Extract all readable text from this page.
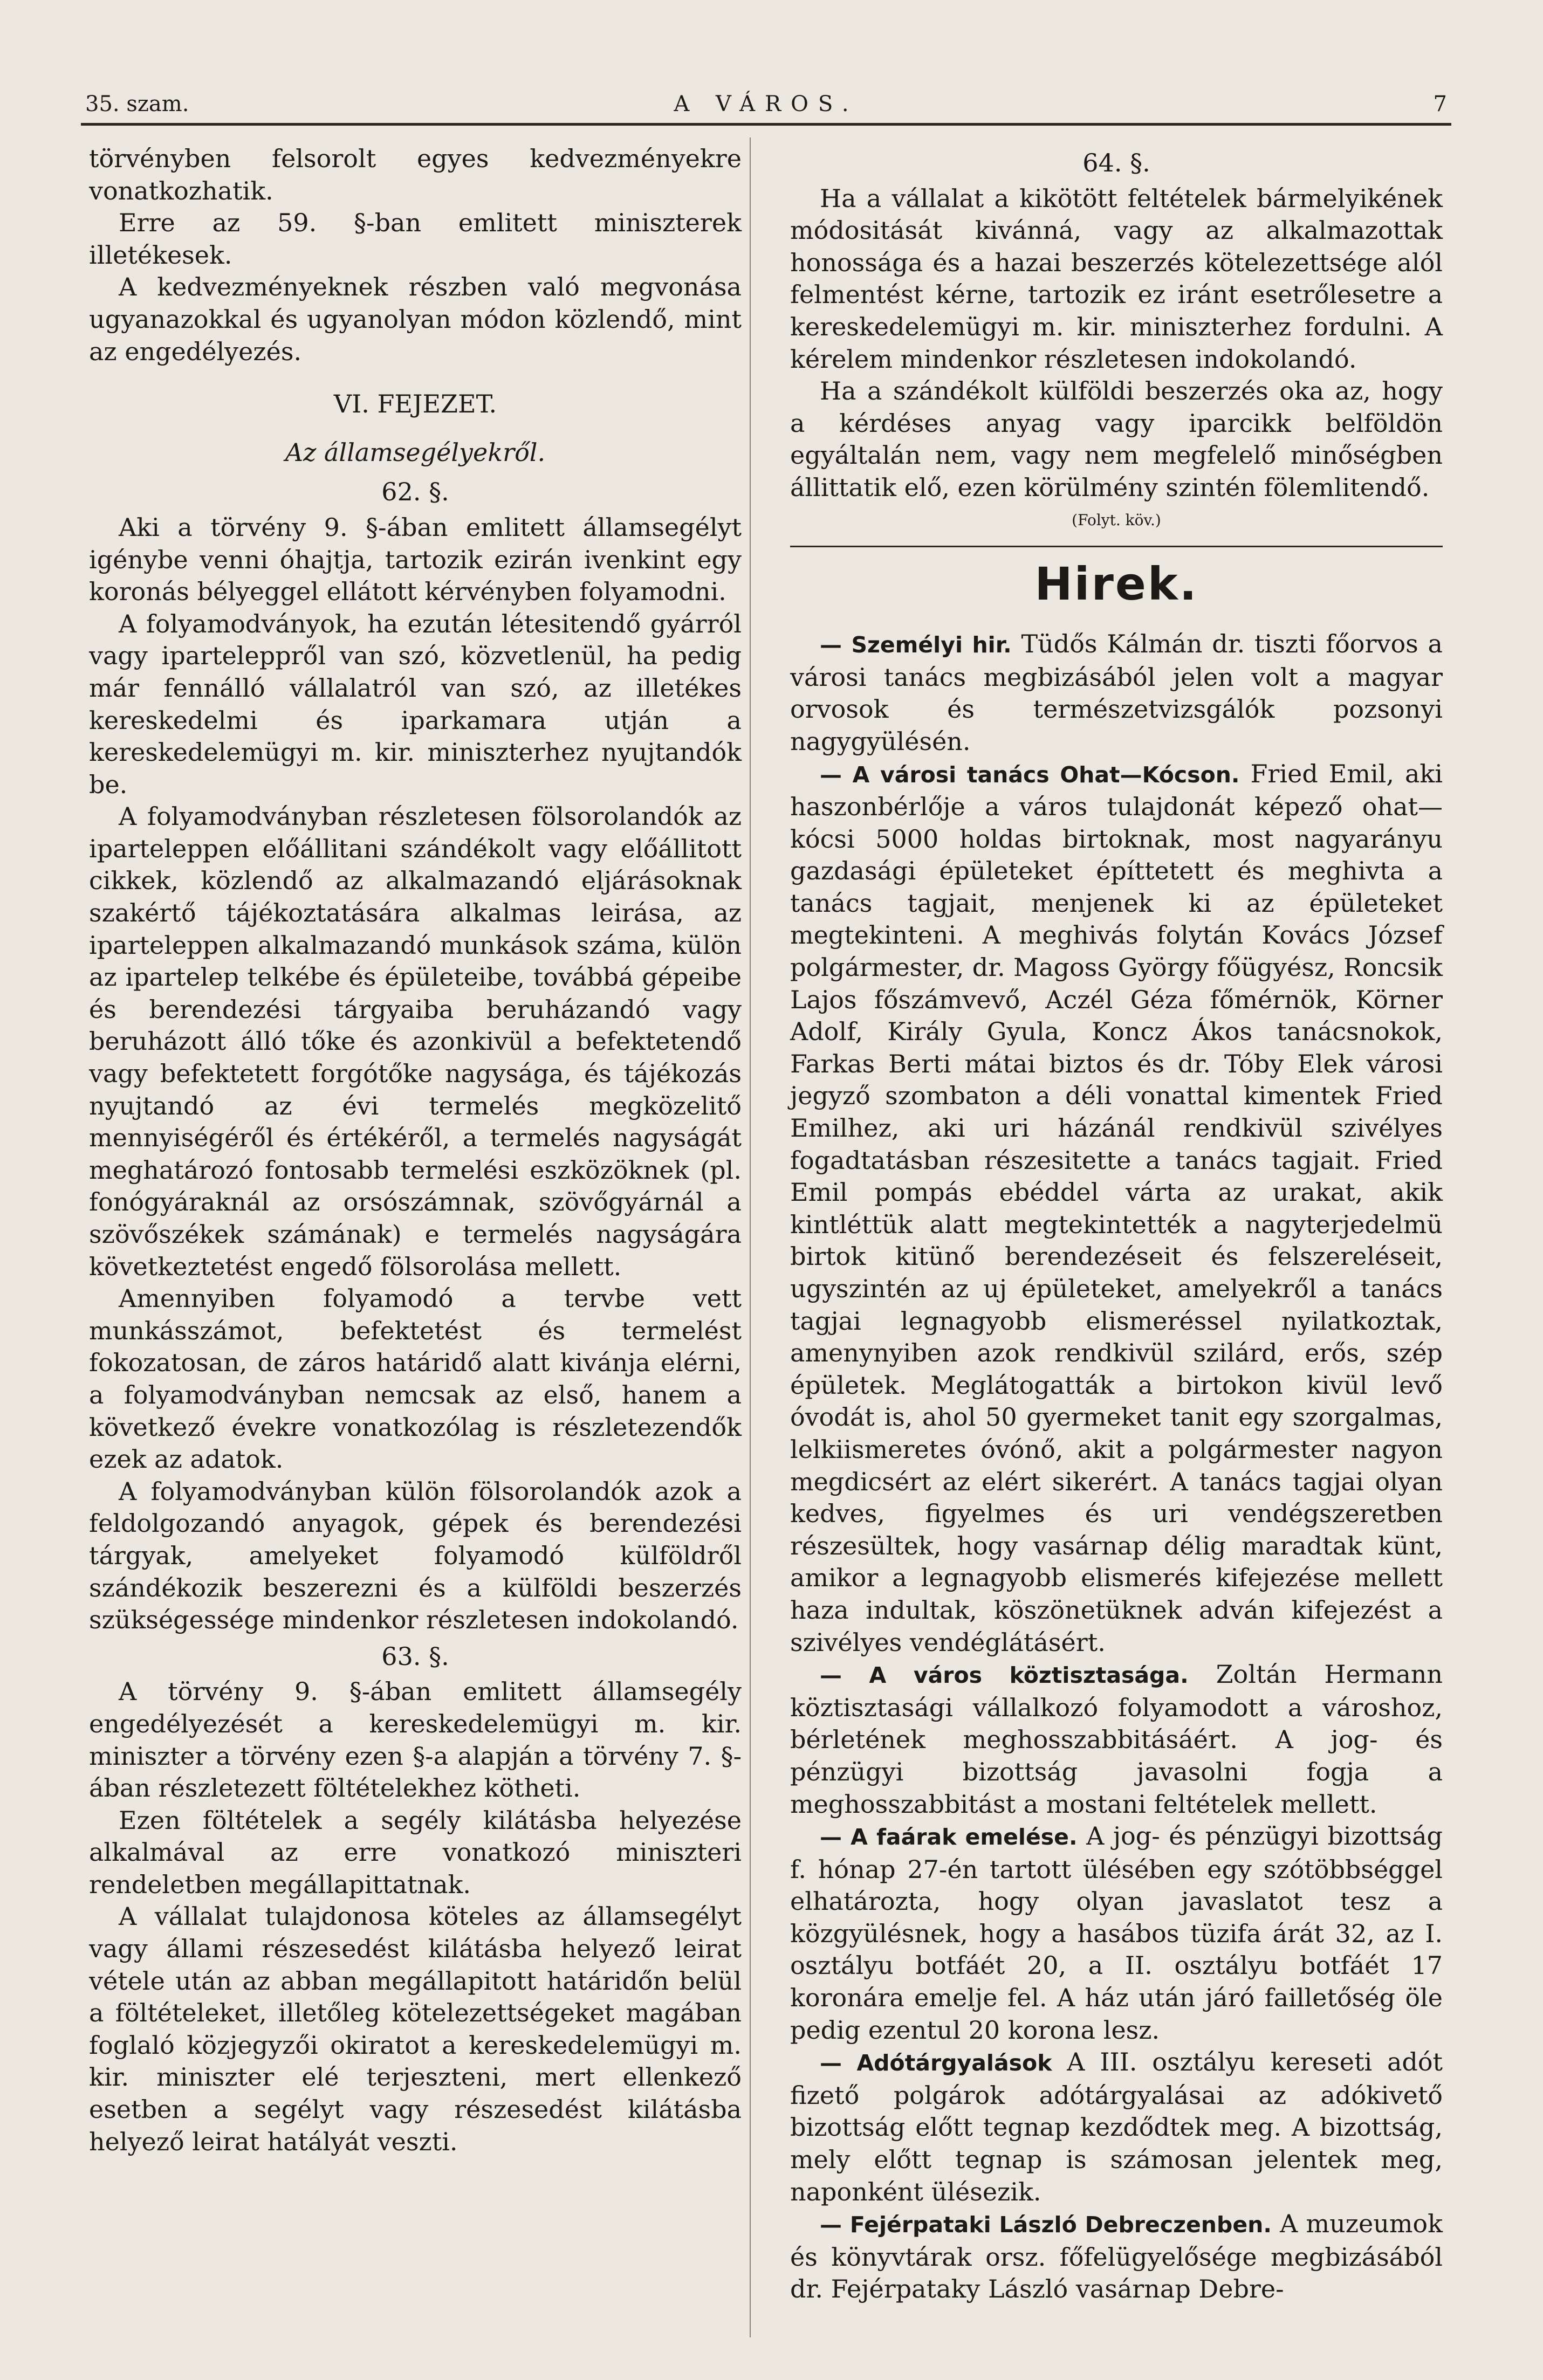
35. szam.	A VÁROS.	7

törvényben felsorolt egyes kedvezményekre vonatkozhatik.

Erre az 59. §-ban emlitett miniszterek illetékesek.

A kedvezményeknek részben való megvonása ugyanazokkal és ugyanolyan módon közlendő, mint az engedélyezés.

VI. FEJEZET.
Az államsegélyekről.
62. §.

Aki a törvény 9. §-ában emlitett államsegélyt igénybe venni óhajtja, tartozik ezirán ivenkint egy koronás bélyeggel ellátott kérvényben folyamodni.

A folyamodványok, ha ezután létesitendő gyárról vagy iparteleppről van szó, közvetlenül, ha pedig már fennálló vállalatról van szó, az illetékes kereskedelmi és iparkamara utján a kereskedelemügyi m. kir. miniszterhez nyujtandók be.

A folyamodványban részletesen fölsorolandók az iparteleppen előállitani szándékolt vagy előállitott cikkek, közlendő az alkalmazandó eljárásoknak szakértő tájékoztatására alkalmas leirása, az iparteleppen alkalmazandó munkások száma, külön az ipartelep telkébe és épületeibe, továbbá gépeibe és berendezési tárgyaiba beruházandó vagy beruházott álló tőke és azonkivül a befektetendő vagy befektetett forgótőke nagysága, és tájékozás nyujtandó az évi termelés megközelitő mennyiségéről és értékéről, a termelés nagyságát meghatározó fontosabb termelési eszközöknek (pl. fonógyáraknál az orsószámnak, szövőgyárnál a szövőszékek számának) e termelés nagyságára következtetést engedő fölsorolása mellett.

Amennyiben folyamodó a tervbe vett munkásszámot, befektetést és termelést fokozatosan, de záros határidő alatt kivánja elérni, a folyamodványban nemcsak az első, hanem a következő évekre vonatkozólag is részletezendők ezek az adatok.

A folyamodványban külön fölsorolandók azok a feldolgozandó anyagok, gépek és berendezési tárgyak, amelyeket folyamodó külföldről szándékozik beszerezni és a külföldi beszerzés szükségessége mindenkor részletesen indokolandó.

63. §.

A törvény 9. §-ában emlitett államsegély engedélyezését a kereskedelemügyi m. kir. miniszter a törvény ezen §-a alapján a törvény 7. §-ában részletezett föltételekhez kötheti.

Ezen föltételek a segély kilátásba helyezése alkalmával az erre vonatkozó miniszteri rendeletben megállapittatnak.

A vállalat tulajdonosa köteles az államsegélyt vagy állami részesedést kilátásba helyező leirat vétele után az abban megállapitott határidőn belül a föltételeket, illetőleg kötelezettségeket magában foglaló közjegyzői okiratot a kereskedelemügyi m. kir. miniszter elé terjeszteni, mert ellenkező esetben a segélyt vagy részesedést kilátásba helyező leirat hatályát veszti.

64. §.

Ha a vállalat a kikötött feltételek bármelyikének módositását kivánná, vagy az alkalmazottak honossága és a hazai beszerzés kötelezettsége alól felmentést kérne, tartozik ez iránt esetrőlesetre a kereskedelemügyi m. kir. miniszterhez fordulni. A kérelem mindenkor részletesen indokolandó.

Ha a szándékolt külföldi beszerzés oka az, hogy a kérdéses anyag vagy iparcikk belföldön egyáltalán nem, vagy nem megfelelő minőségben állittatik elő, ezen körülmény szintén fölemlitendő.

(Folyt. köv.)
Hirek.

— Személyi hir. Tüdős Kálmán dr. tiszti főorvos a városi tanács megbizásából jelen volt a magyar orvosok és természetvizsgálók pozsonyi nagygyülésén.

— A városi tanács Ohat—Kócson. Fried Emil, aki haszonbérlője a város tulajdonát képező ohat—kócsi 5000 holdas birtoknak, most nagyarányu gazdasági épületeket építtetett és meghivta a tanács tagjait, menjenek ki az épületeket megtekinteni. A meghivás folytán Kovács József polgármester, dr. Magoss György főügyész, Roncsik Lajos főszámvevő, Aczél Géza főmérnök, Körner Adolf, Király Gyula, Koncz Ákos tanácsnokok, Farkas Berti mátai biztos és dr. Tóby Elek városi jegyző szombaton a déli vonattal kimentek Fried Emilhez, aki uri házánál rendkivül szivélyes fogadtatásban részesitette a tanács tagjait. Fried Emil pompás ebéddel várta az urakat, akik kintléttük alatt megtekintették a nagyterjedelmü birtok kitünő berendezéseit és felszereléseit, ugyszintén az uj épületeket, amelyekről a tanács tagjai legnagyobb elismeréssel nyilatkoztak, amenynyiben azok rendkivül szilárd, erős, szép épületek. Meglátogatták a birtokon kivül levő óvodát is, ahol 50 gyermeket tanit egy szorgalmas, lelkiismeretes óvónő, akit a polgármester nagyon megdicsért az elért sikerért. A tanács tagjai olyan kedves, figyelmes és uri vendégszeretben részesültek, hogy vasárnap délig maradtak künt, amikor a legnagyobb elismerés kifejezése mellett haza indultak, köszönetüknek adván kifejezést a szivélyes vendéglátásért.

— A város köztisztasága. Zoltán Hermann köztisztasági vállalkozó folyamodott a városhoz, bérletének meghosszabbitásáért. A jog- és pénzügyi bizottság javasolni fogja a meghosszabbitást a mostani feltételek mellett.

— A faárak emelése. A jog- és pénzügyi bizottság f. hónap 27-én tartott ülésében egy szótöbbséggel elhatározta, hogy olyan javaslatot tesz a közgyülésnek, hogy a hasábos tüzifa árát 32, az I. osztályu botfáét 20, a II. osztályu botfáét 17 koronára emelje fel. A ház után járó failletőség öle pedig ezentul 20 korona lesz.

— Adótárgyalások A III. osztályu kereseti adót fizető polgárok adótárgyalásai az adókivető bizottság előtt tegnap kezdődtek meg. A bizottság, mely előtt tegnap is számosan jelentek meg, naponként ülésezik.

— Fejérpataki László Debreczenben. A muzeumok és könyvtárak orsz. főfelügyelősége megbizásából dr. Fejérpataky László vasárnap Debre-
